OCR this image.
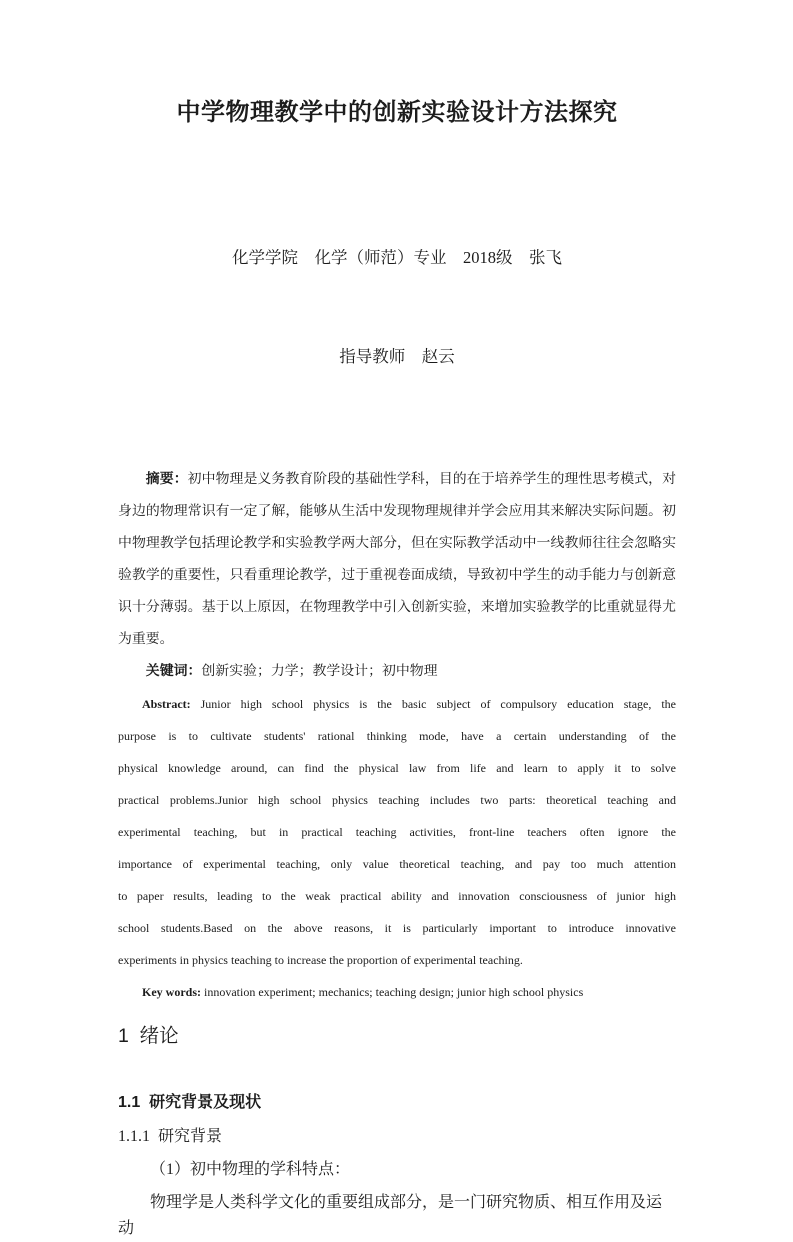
中学物理教学中的创新实验设计方法探究

化学学院　化学（师范）专业　2018级　张飞

指导教师　赵云

摘要：初中物理是义务教育阶段的基础性学科，目的在于培养学生的理性思考模式，对
身边的物理常识有一定了解，能够从生活中发现物理规律并学会应用其来解决实际问题。初
中物理教学包括理论教学和实验教学两大部分，但在实际教学活动中一线教师往往会忽略实
验教学的重要性，只看重理论教学，过于重视卷面成绩，导致初中学生的动手能力与创新意
识十分薄弱。基于以上原因，在物理教学中引入创新实验，来增加实验教学的比重就显得尤
为重要。
关键词：创新实验；力学；教学设计；初中物理
Abstract: Junior high school physics is the basic subject of compulsory education stage, the
purpose is to cultivate students' rational thinking mode, have a certain understanding of the
physical knowledge around, can find the physical law from life and learn to apply it to solve
practical problems.Junior high school physics teaching includes two parts: theoretical teaching and
experimental teaching, but in practical teaching activities, front-line teachers often ignore the
importance of experimental teaching, only value theoretical teaching, and pay too much attention
to paper results, leading to the weak practical ability and innovation consciousness of junior high
school students.Based on the above reasons, it is particularly important to introduce innovative
experiments in physics teaching to increase the proportion of experimental teaching.
Key words: innovation experiment; mechanics; teaching design; junior high school physics
1  绪论
1.1  研究背景及现状
1.1.1  研究背景
（1）初中物理的学科特点：
物理学是人类科学文化的重要组成部分，是一门研究物质、相互作用及运动
